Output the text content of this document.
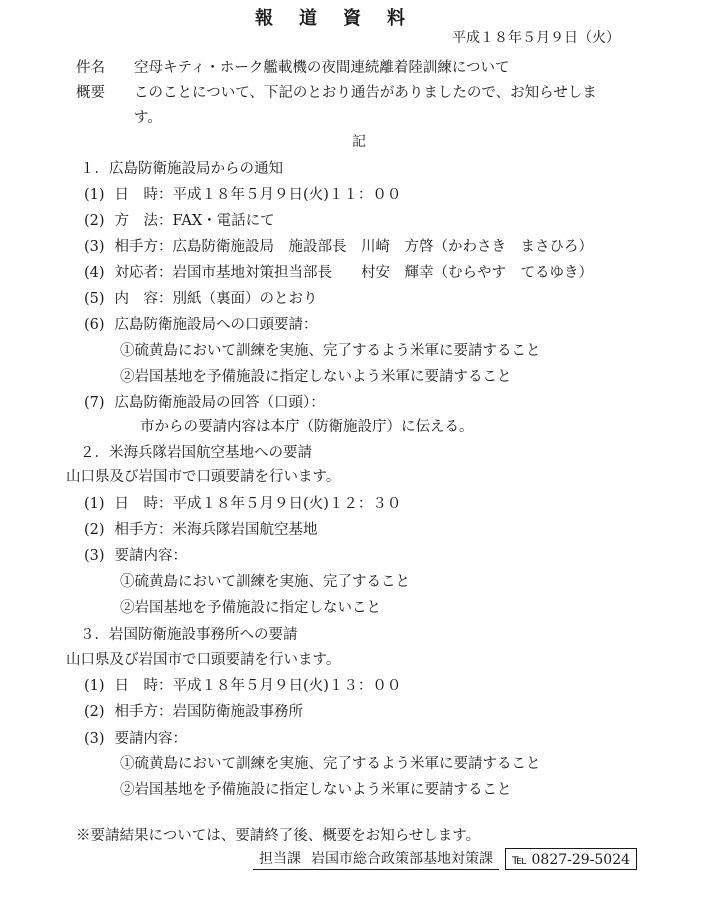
報道資料
平成１８年５月９日（火）
件名 空母キティ・ホーク艦載機の夜間連続離着陸訓練について
概要 このことについて、下記のとおり通告がありましたので、お知らせしま
す。
記
１．広島防衛施設局からの通知
(1) 日　時：平成１８年５月９日(火)１１：００
(2) 方　法：FAX・電話にて
(3) 相手方：広島防衛施設局　施設部長　川崎　方啓（かわさき　まさひろ）
(4) 対応者：岩国市基地対策担当部長　　村安　輝幸（むらやす　てるゆき）
(5) 内　容：別紙（裏面）のとおり
(6) 広島防衛施設局への口頭要請：
①硫黄島において訓練を実施、完了するよう米軍に要請すること
②岩国基地を予備施設に指定しないよう米軍に要請すること
(7) 広島防衛施設局の回答（口頭）：
市からの要請内容は本庁（防衛施設庁）に伝える。
２．米海兵隊岩国航空基地への要請
山口県及び岩国市で口頭要請を行います。
(1) 日　時：平成１８年５月９日(火)１２：３０
(2) 相手方：米海兵隊岩国航空基地
(3) 要請内容：
①硫黄島において訓練を実施、完了すること
②岩国基地を予備施設に指定しないこと
３．岩国防衛施設事務所への要請
山口県及び岩国市で口頭要請を行います。
(1) 日　時：平成１８年５月９日(火)１３：００
(2) 相手方：岩国防衛施設事務所
(3) 要請内容：
①硫黄島において訓練を実施、完了するよう米軍に要請すること
②岩国基地を予備施設に指定しないよう米軍に要請すること
※要請結果については、要請終了後、概要をお知らせします。
担当課 岩国市総合政策部基地対策課	℡ 0827-29-5024
